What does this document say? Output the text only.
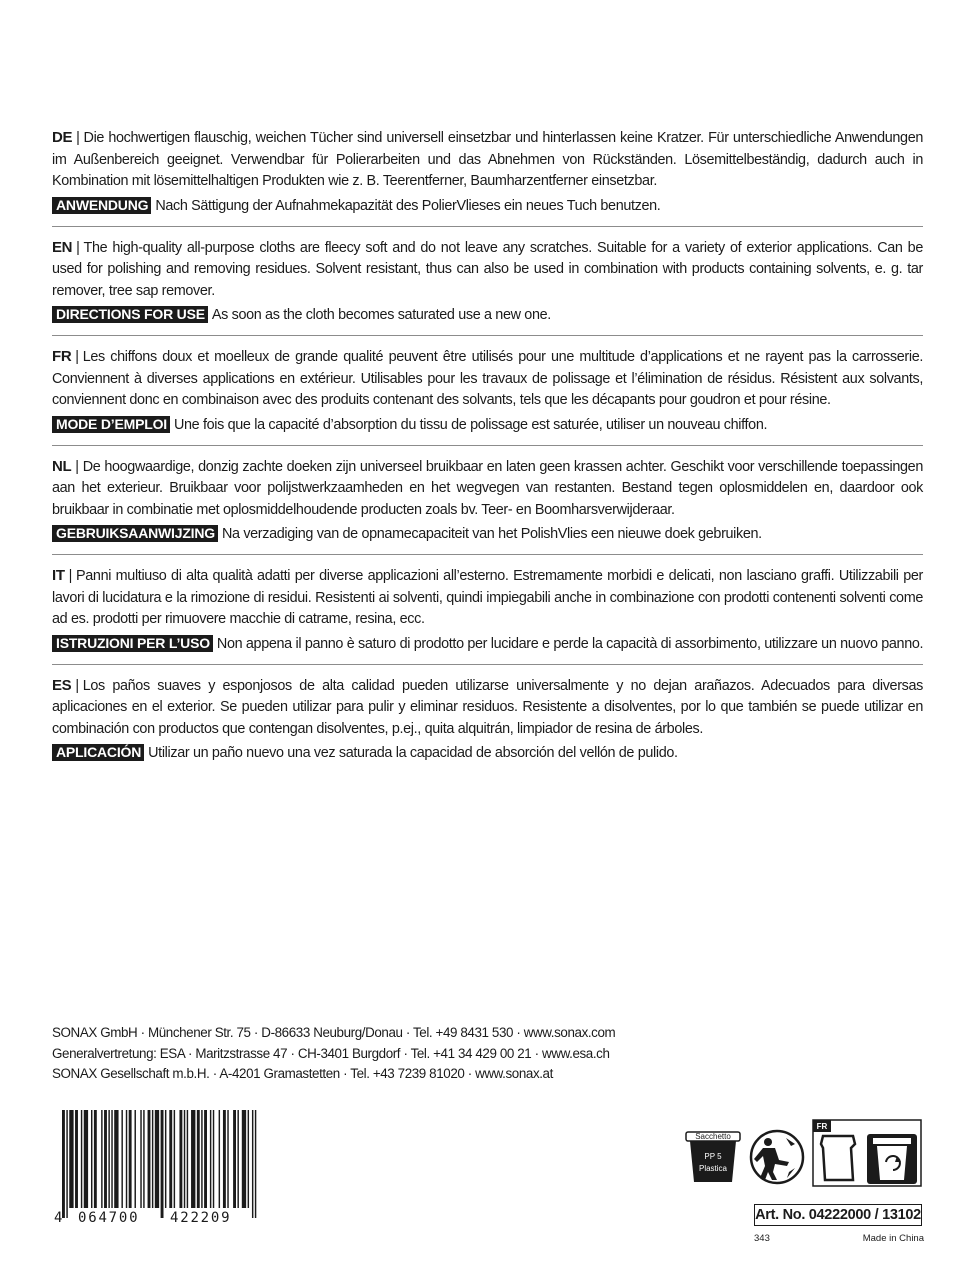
DE | Die hochwertigen flauschig, weichen Tücher sind universell einsetzbar und hinterlassen keine Kratzer. Für unterschiedliche Anwendungen im Außenbereich geeignet. Verwendbar für Polierarbeiten und das Abnehmen von Rückständen. Lösemittelbeständig, dadurch auch in Kombination mit lösemittelhaltigen Produkten wie z. B. Teerentferner, Baumharzentferner einsetzbar.

ANWENDUNG Nach Sättigung der Aufnahmekapazität des PolierVlieses ein neues Tuch benutzen.

EN | The high-quality all-purpose cloths are fleecy soft and do not leave any scratches. Suitable for a variety of exterior applications. Can be used for polishing and removing residues. Solvent resistant, thus can also be used in combination with products containing solvents, e. g. tar remover, tree sap remover.

DIRECTIONS FOR USE As soon as the cloth becomes saturated use a new one.

FR | Les chiffons doux et moelleux de grande qualité peuvent être utilisés pour une multitude d’applications et ne rayent pas la carrosserie. Conviennent à diverses applications en extérieur. Utilisables pour les travaux de polissage et l’élimination de résidus. Résistent aux solvants, conviennent donc en combinaison avec des produits contenant des solvants, tels que les décapants pour goudron et pour résine.

MODE D’EMPLOI Une fois que la capacité d’absorption du tissu de polissage est saturée, utiliser un nouveau chiffon.

NL | De hoogwaardige, donzig zachte doeken zijn universeel bruikbaar en laten geen krassen achter. Geschikt voor verschillende toepassingen aan het exterieur. Bruikbaar voor polijstwerkzaamheden en het wegvegen van restanten. Bestand tegen oplosmiddelen en, daardoor ook bruikbaar in combinatie met oplosmiddelhoudende producten zoals bv. Teer- en Boomharsverwijderaar.

GEBRUIKSAANWIJZING Na verzadiging van de opnamecapaciteit van het PolishVlies een nieuwe doek gebruiken.

IT | Panni multiuso di alta qualità adatti per diverse applicazioni all’esterno. Estremamente morbidi e delicati, non lasciano graffi. Utilizzabili per lavori di lucidatura e la rimozione di residui. Resistenti ai solventi, quindi impiegabili anche in combinazione con prodotti contenenti solventi come ad es. prodotti per rimuovere macchie di catrame, resina, ecc.

ISTRUZIONI PER L’USO Non appena il panno è saturo di prodotto per lucidare e perde la capacità di assorbimento, utilizzare un nuovo panno.

ES | Los paños suaves y esponjosos de alta calidad pueden utilizarse universalmente y no dejan arañazos. Adecuados para diversas aplicaciones en el exterior. Se pueden utilizar para pulir y eliminar residuos. Resistente a disolventes, por lo que también se puede utilizar en combinación con productos que contengan disolventes, p.ej., quita alquitrán, limpiador de resina de árboles.

APLICACIÓN Utilizar un paño nuevo una vez saturada la capacidad de absorción del vellón de pulido.
SONAX GmbH · Münchener Str. 75 · D-86633 Neuburg/Donau · Tel. +49 8431 530 · www.sonax.com
Generalvertretung: ESA · Maritzstrasse 47 · CH-3401 Burgdorf · Tel. +41 34 429 00 21 · www.esa.ch
SONAX Gesellschaft m.b.H. · A-4201 Gramastetten · Tel. +43 7239 81020 · www.sonax.at
4 064700 422209
Sacchetto
PP 5
Plastica
FR
Art. No. 04222000 / 13102
343	Made in China
